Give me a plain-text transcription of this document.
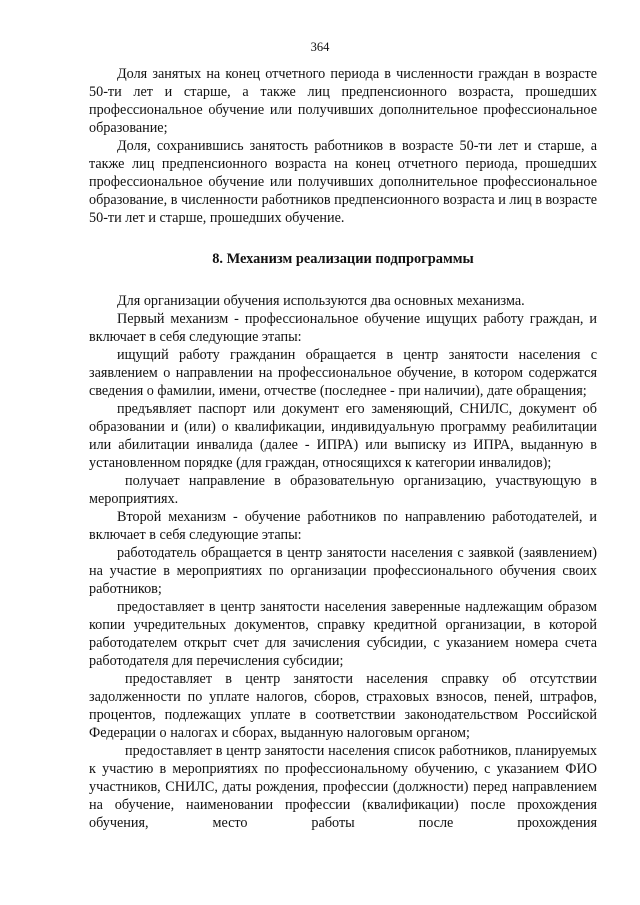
364

Доля занятых на конец отчетного периода в численности граждан в возрасте 50-ти лет и старше, а также лиц предпенсионного возраста, прошедших профессиональное обучение или получивших дополнительное профессиональное образование;

Доля, сохранившись занятость работников в возрасте 50-ти лет и старше, а также лиц предпенсионного возраста на конец отчетного периода, прошедших профессиональное обучение или получивших дополнительное профессиональное образование, в численности работников предпенсионного возраста и лиц в возрасте 50-ти лет и старше, прошедших обучение.

8. Механизм реализации подпрограммы

Для организации обучения используются два основных механизма.

Первый механизм - профессиональное обучение ищущих работу граждан, и включает в себя следующие этапы:

ищущий работу гражданин обращается в центр занятости населения с заявлением о направлении на профессиональное обучение, в котором содержатся сведения о фамилии, имени, отчестве (последнее - при наличии), дате обращения;

предъявляет паспорт или документ его заменяющий, СНИЛС, документ об образовании и (или) о квалификации, индивидуальную программу реабилитации или абилитации инвалида (далее - ИПРА) или выписку из ИПРА, выданную в установленном порядке (для граждан, относящихся к категории инвалидов);

получает направление в образовательную организацию, участвующую в мероприятиях.

Второй механизм - обучение работников по направлению работодателей, и включает в себя следующие этапы:

работодатель обращается в центр занятости населения с заявкой (заявлением) на участие в мероприятиях по организации профессионального обучения своих работников;

предоставляет в центр занятости населения заверенные надлежащим образом копии учредительных документов, справку кредитной организации, в которой работодателем открыт счет для зачисления субсидии, с указанием номера счета работодателя для перечисления субсидии;

предоставляет в центр занятости населения справку об отсутствии задолженности по уплате налогов, сборов, страховых взносов, пеней, штрафов, процентов, подлежащих уплате в соответствии законодательством Российской Федерации о налогах и сборах, выданную налоговым органом;

предоставляет в центр занятости населения список работников, планируемых к участию в мероприятиях по профессиональному обучению, с указанием ФИО участников, СНИЛС, даты рождения, профессии (должности) перед направлением на обучение, наименовании профессии (квалификации) после прохождения обучения, место работы после прохождения
